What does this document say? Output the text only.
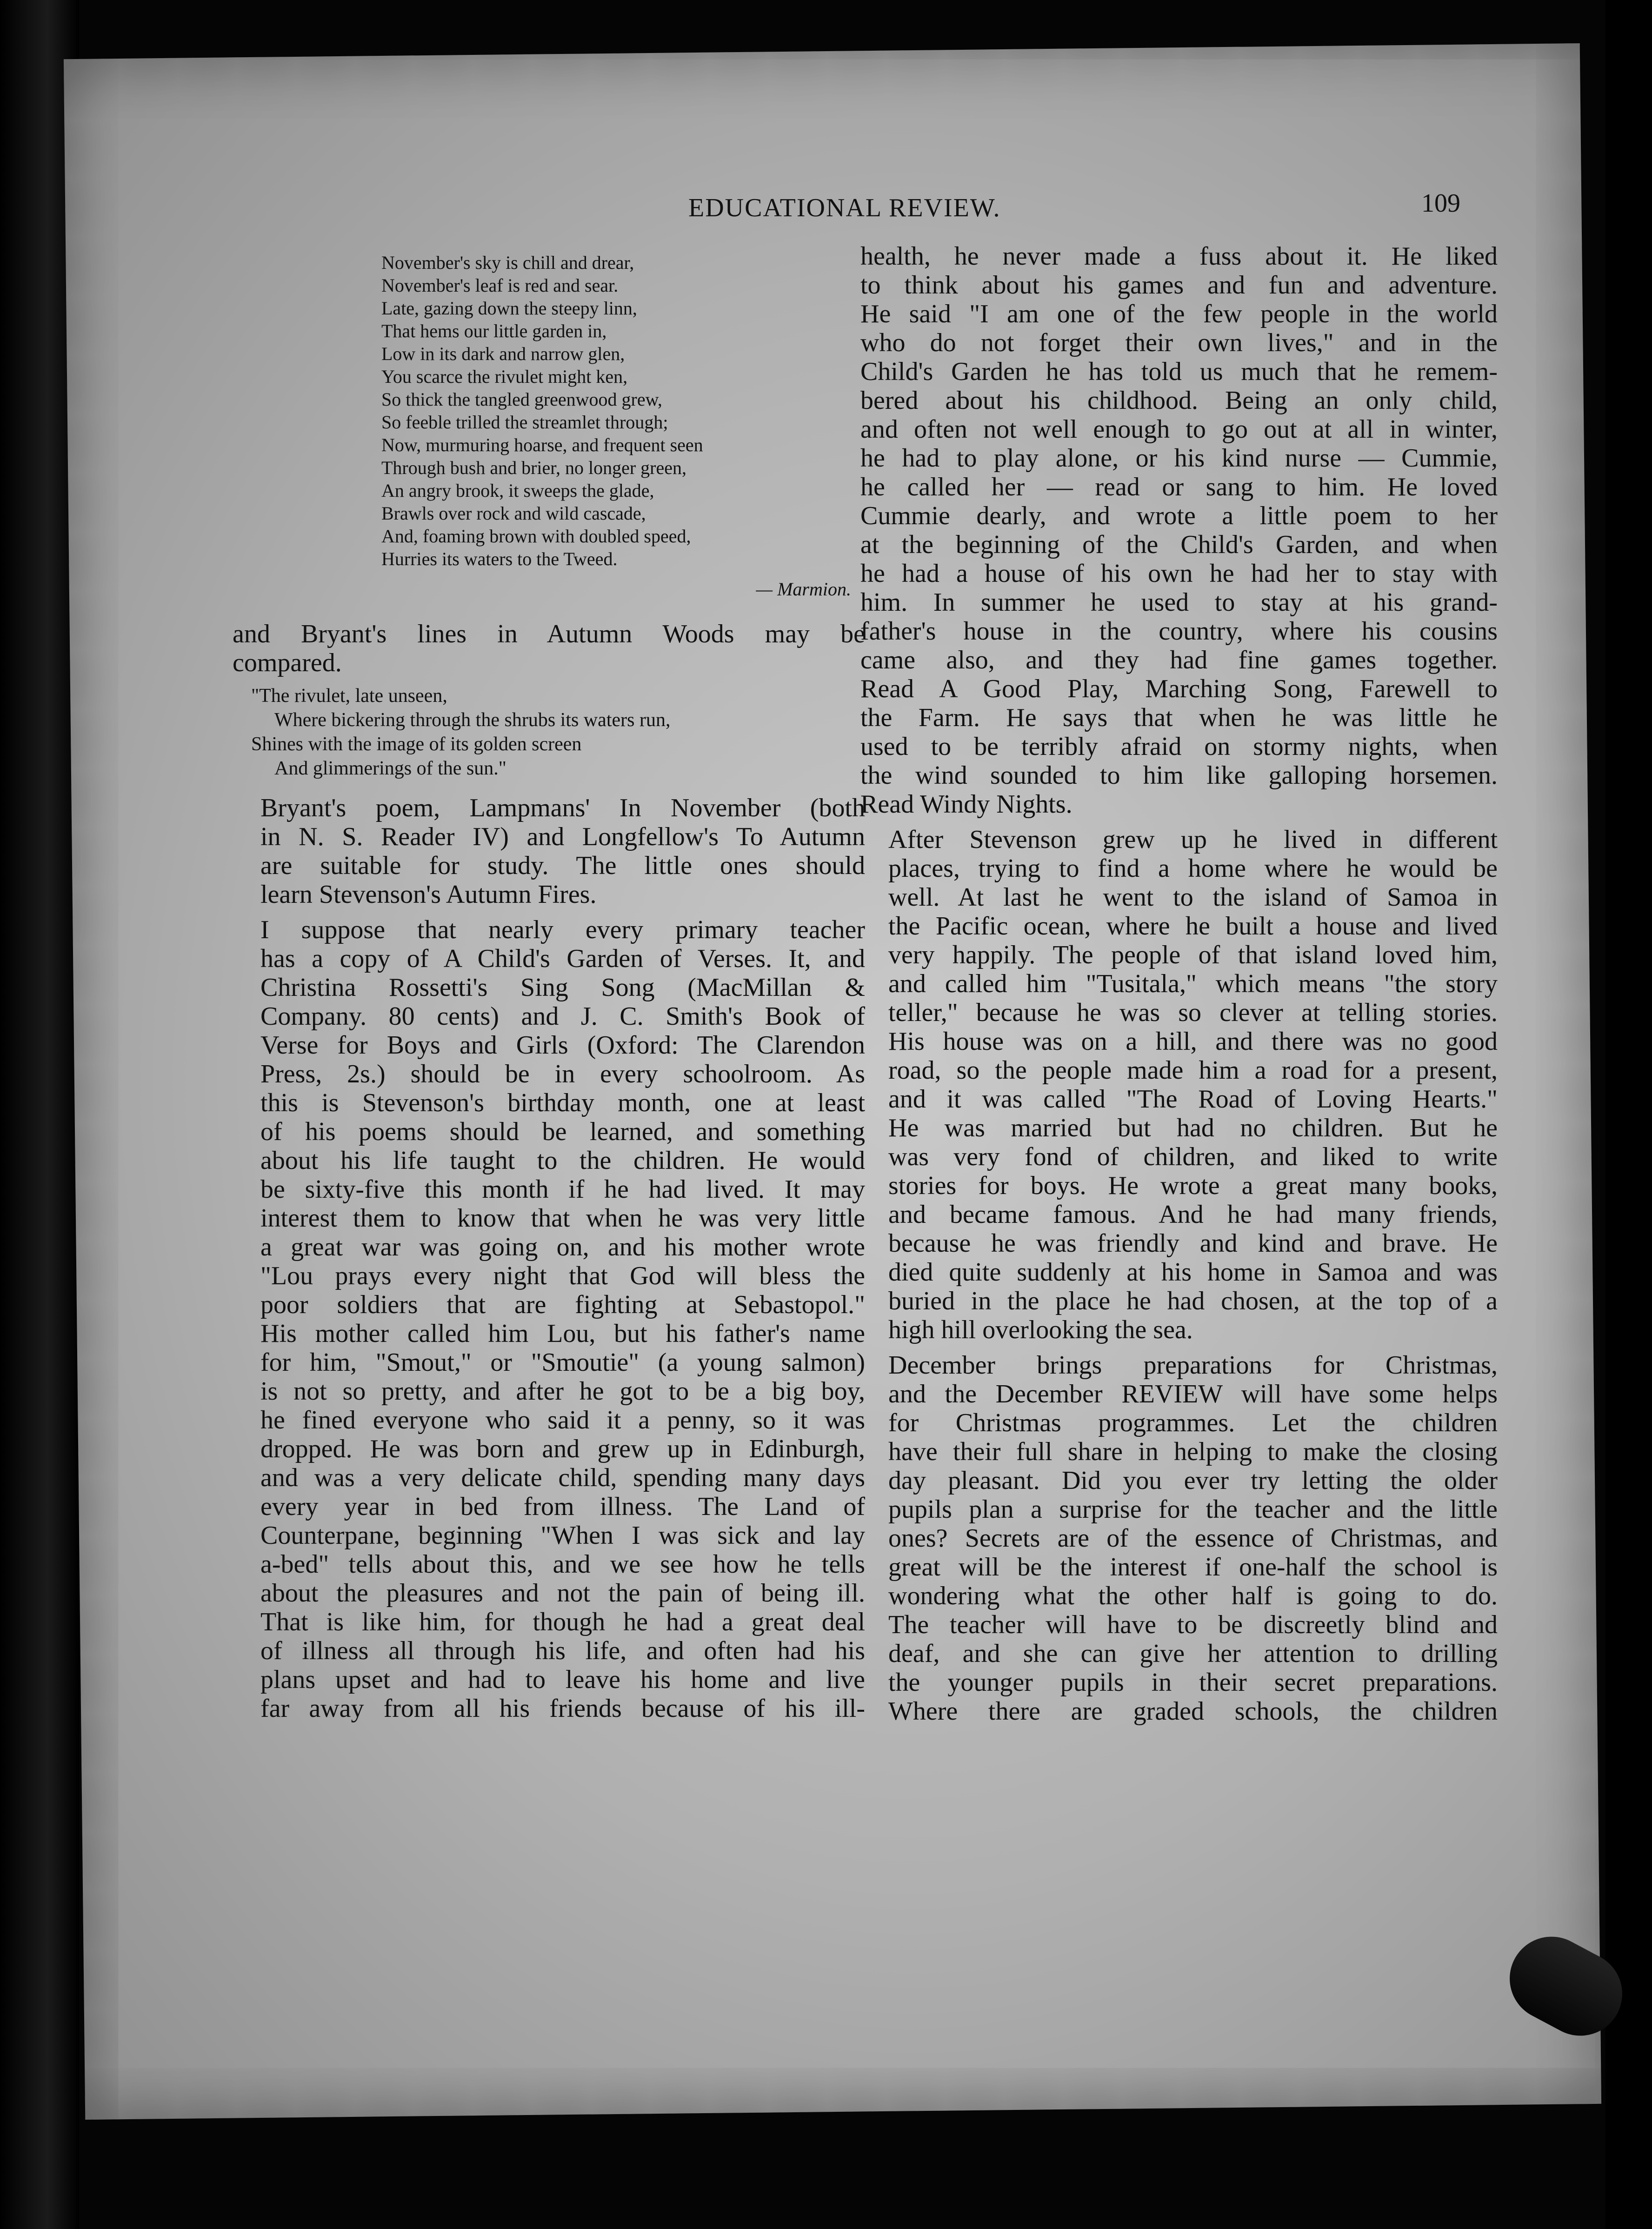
EDUCATIONAL REVIEW.	109
November's sky is chill and drear,
November's leaf is red and sear.
Late, gazing down the steepy linn,
That hems our little garden in,
Low in its dark and narrow glen,
You scarce the rivulet might ken,
So thick the tangled greenwood grew,
So feeble trilled the streamlet through;
Now, murmuring hoarse, and frequent seen
Through bush and brier, no longer green,
An angry brook, it sweeps the glade,
Brawls over rock and wild cascade,
And, foaming brown with doubled speed,
Hurries its waters to the Tweed.
— Marmion.
and Bryant's lines in Autumn Woods may be
compared.
"The rivulet, late unseen,
Where bickering through the shrubs its waters run,
Shines with the image of its golden screen
And glimmerings of the sun."
Bryant's poem, Lampmans' In November (both
in N. S. Reader IV) and Longfellow's To Autumn
are suitable for study. The little ones should
learn Stevenson's Autumn Fires.
I suppose that nearly every primary teacher
has a copy of A Child's Garden of Verses. It, and
Christina Rossetti's Sing Song (MacMillan &
Company. 80 cents) and J. C. Smith's Book of
Verse for Boys and Girls (Oxford: The Clarendon
Press, 2s.) should be in every schoolroom. As
this is Stevenson's birthday month, one at least
of his poems should be learned, and something
about his life taught to the children. He would
be sixty-five this month if he had lived. It may
interest them to know that when he was very little
a great war was going on, and his mother wrote
"Lou prays every night that God will bless the
poor soldiers that are fighting at Sebastopol."
His mother called him Lou, but his father's name
for him, "Smout," or "Smoutie" (a young salmon)
is not so pretty, and after he got to be a big boy,
he fined everyone who said it a penny, so it was
dropped. He was born and grew up in Edinburgh,
and was a very delicate child, spending many days
every year in bed from illness. The Land of
Counterpane, beginning "When I was sick and lay
a-bed" tells about this, and we see how he tells
about the pleasures and not the pain of being ill.
That is like him, for though he had a great deal
of illness all through his life, and often had his
plans upset and had to leave his home and live
far away from all his friends because of his ill-
health, he never made a fuss about it. He liked
to think about his games and fun and adventure.
He said "I am one of the few people in the world
who do not forget their own lives," and in the
Child's Garden he has told us much that he remem-
bered about his childhood. Being an only child,
and often not well enough to go out at all in winter,
he had to play alone, or his kind nurse — Cummie,
he called her — read or sang to him. He loved
Cummie dearly, and wrote a little poem to her
at the beginning of the Child's Garden, and when
he had a house of his own he had her to stay with
him. In summer he used to stay at his grand-
father's house in the country, where his cousins
came also, and they had fine games together.
Read A Good Play, Marching Song, Farewell to
the Farm. He says that when he was little he
used to be terribly afraid on stormy nights, when
the wind sounded to him like galloping horsemen.
Read Windy Nights.
After Stevenson grew up he lived in different
places, trying to find a home where he would be
well. At last he went to the island of Samoa in
the Pacific ocean, where he built a house and lived
very happily. The people of that island loved him,
and called him "Tusitala," which means "the story
teller," because he was so clever at telling stories.
His house was on a hill, and there was no good
road, so the people made him a road for a present,
and it was called "The Road of Loving Hearts."
He was married but had no children. But he
was very fond of children, and liked to write
stories for boys. He wrote a great many books,
and became famous. And he had many friends,
because he was friendly and kind and brave. He
died quite suddenly at his home in Samoa and was
buried in the place he had chosen, at the top of a
high hill overlooking the sea.
December brings preparations for Christmas,
and the December REVIEW will have some helps
for Christmas programmes. Let the children
have their full share in helping to make the closing
day pleasant. Did you ever try letting the older
pupils plan a surprise for the teacher and the little
ones? Secrets are of the essence of Christmas, and
great will be the interest if one-half the school is
wondering what the other half is going to do.
The teacher will have to be discreetly blind and
deaf, and she can give her attention to drilling
the younger pupils in their secret preparations.
Where there are graded schools, the children
